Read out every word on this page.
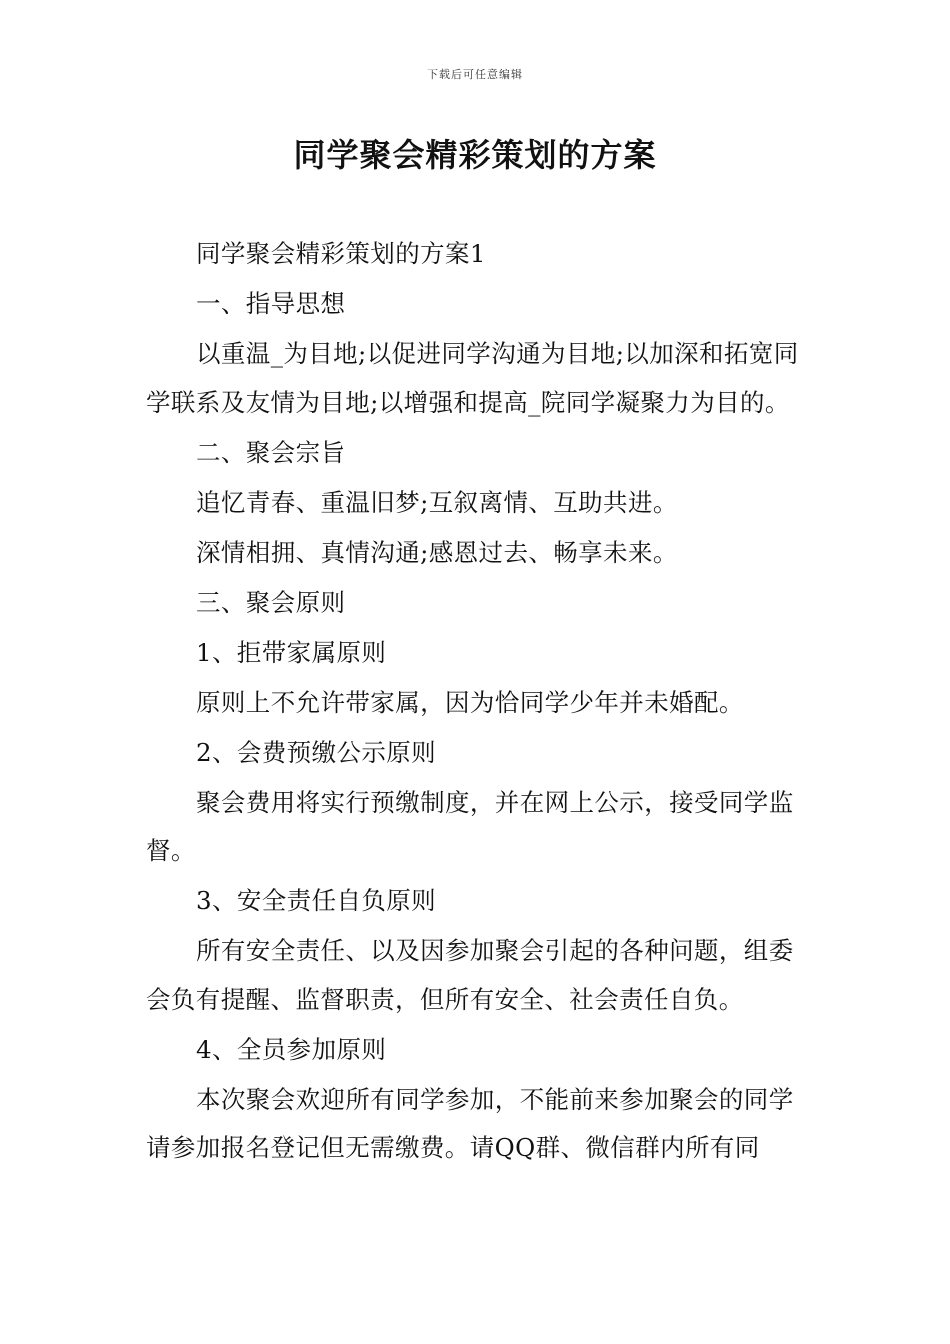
下载后可任意编辑
同学聚会精彩策划的方案

同学聚会精彩策划的方案1

一、指导思想

以重温_为目地;以促进同学沟通为目地;以加深和拓宽同学联系及友情为目地;以增强和提高_院同学凝聚力为目的。

二、聚会宗旨

追忆青春、重温旧梦;互叙离情、互助共进。

深情相拥、真情沟通;感恩过去、畅享未来。

三、聚会原则

1、拒带家属原则

原则上不允许带家属，因为恰同学少年并未婚配。

2、会费预缴公示原则

聚会费用将实行预缴制度，并在网上公示，接受同学监督。

3、安全责任自负原则

所有安全责任、以及因参加聚会引起的各种问题，组委会负有提醒、监督职责，但所有安全、社会责任自负。

4、全员参加原则

本次聚会欢迎所有同学参加，不能前来参加聚会的同学请参加报名登记但无需缴费。请QQ群、微信群内所有同
